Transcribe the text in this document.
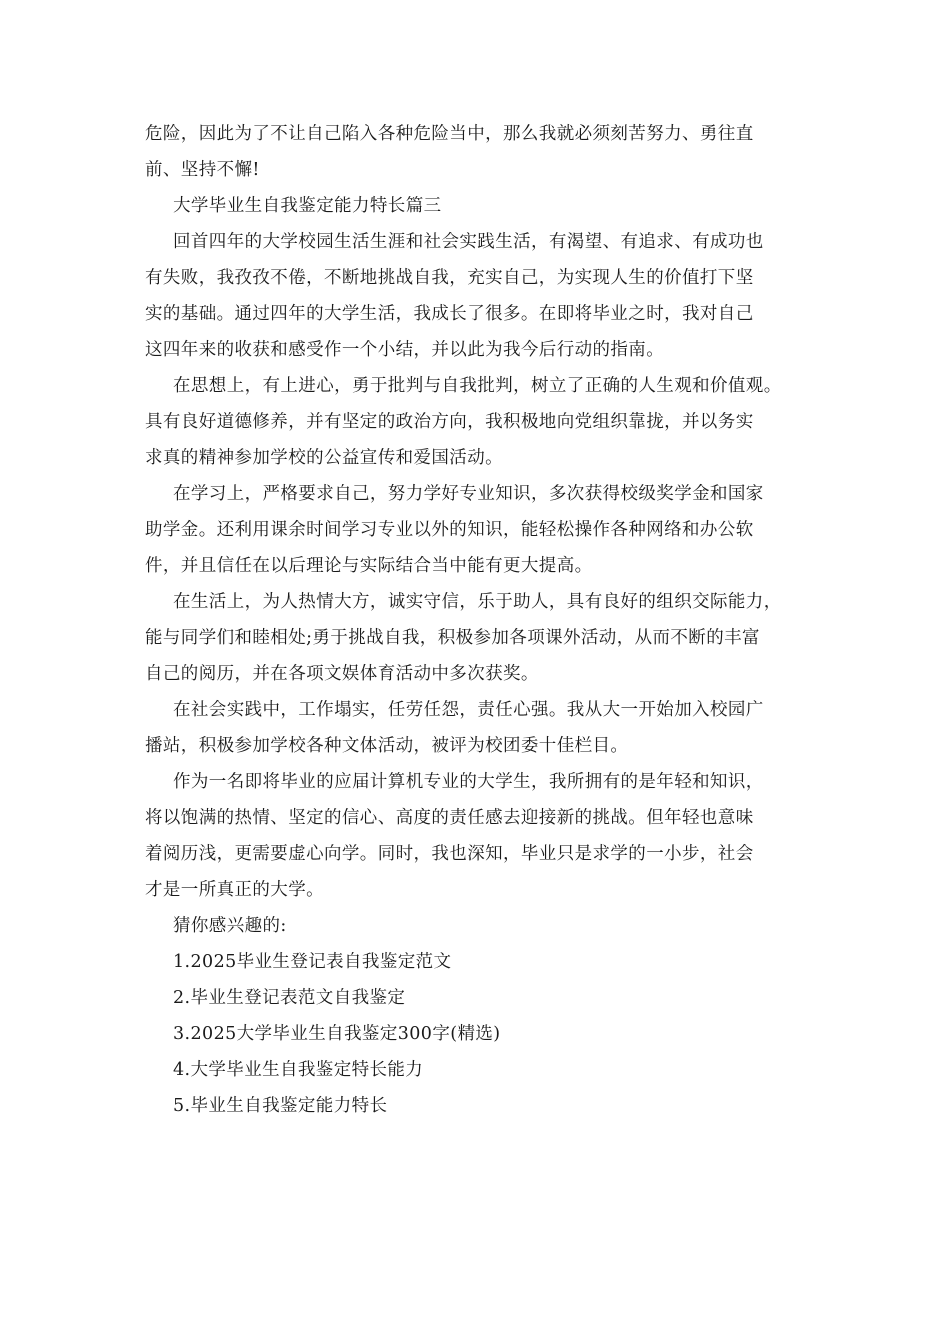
危险，因此为了不让自己陷入各种危险当中，那么我就必须刻苦努力、勇往直
前、坚持不懈!
大学毕业生自我鉴定能力特长篇三
回首四年的大学校园生活生涯和社会实践生活，有渴望、有追求、有成功也
有失败，我孜孜不倦，不断地挑战自我，充实自己，为实现人生的价值打下坚
实的基础。通过四年的大学生活，我成长了很多。在即将毕业之时，我对自己
这四年来的收获和感受作一个小结，并以此为我今后行动的指南。
在思想上，有上进心，勇于批判与自我批判，树立了正确的人生观和价值观。
具有良好道德修养，并有坚定的政治方向，我积极地向党组织靠拢，并以务实
求真的精神参加学校的公益宣传和爱国活动。
在学习上，严格要求自己，努力学好专业知识，多次获得校级奖学金和国家
助学金。还利用课余时间学习专业以外的知识，能轻松操作各种网络和办公软
件，并且信任在以后理论与实际结合当中能有更大提高。
在生活上，为人热情大方，诚实守信，乐于助人，具有良好的组织交际能力，
能与同学们和睦相处;勇于挑战自我，积极参加各项课外活动，从而不断的丰富
自己的阅历，并在各项文娱体育活动中多次获奖。
在社会实践中，工作塌实，任劳任怨，责任心强。我从大一开始加入校园广
播站，积极参加学校各种文体活动，被评为校团委十佳栏目。
作为一名即将毕业的应届计算机专业的大学生，我所拥有的是年轻和知识，
将以饱满的热情、坚定的信心、高度的责任感去迎接新的挑战。但年轻也意味
着阅历浅，更需要虚心向学。同时，我也深知，毕业只是求学的一小步，社会
才是一所真正的大学。
猜你感兴趣的:
1.2025毕业生登记表自我鉴定范文
2.毕业生登记表范文自我鉴定
3.2025大学毕业生自我鉴定300字(精选)
4.大学毕业生自我鉴定特长能力
5.毕业生自我鉴定能力特长
